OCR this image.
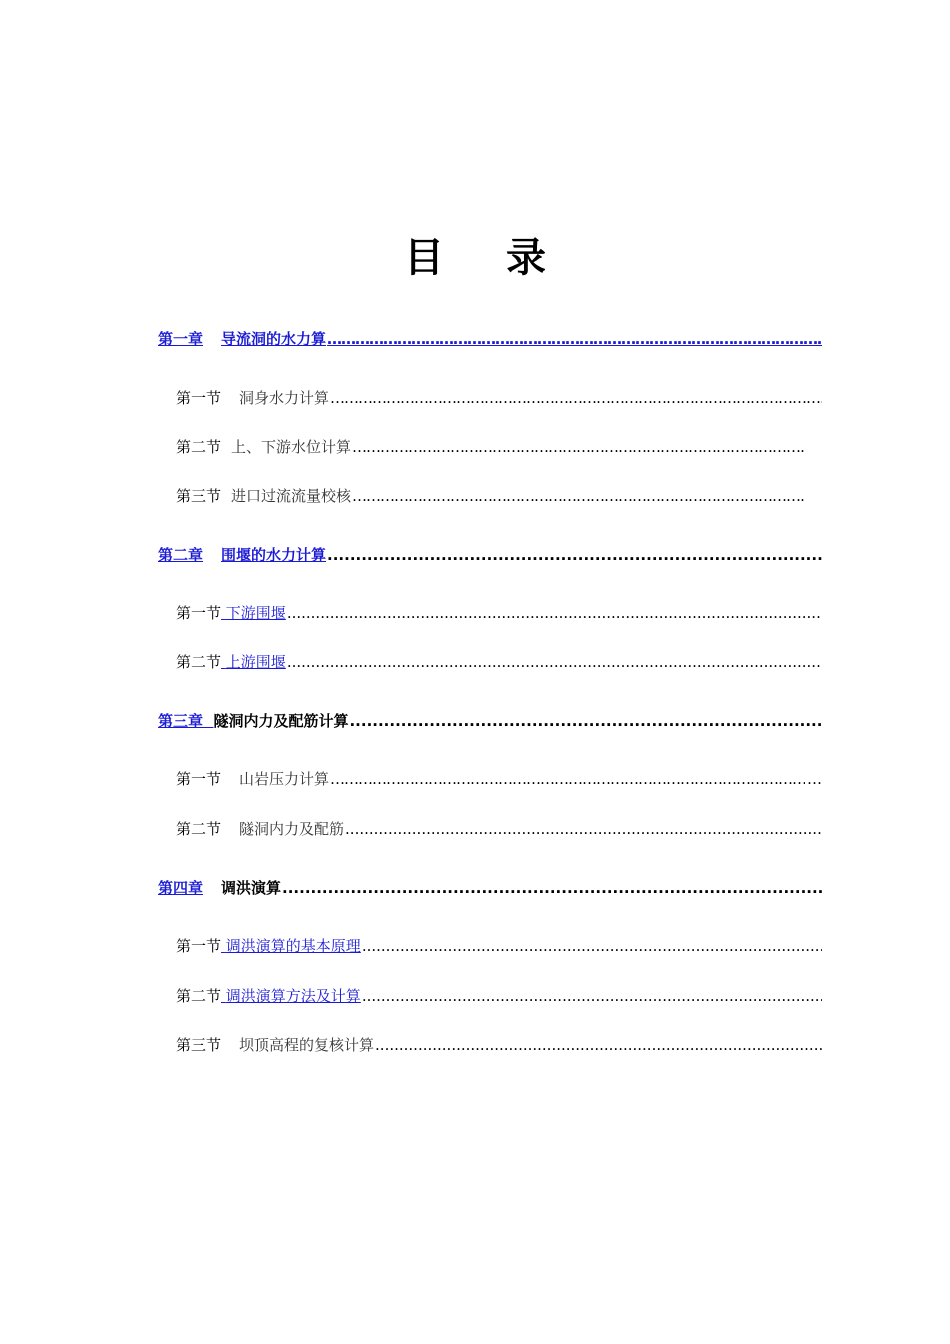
目 录
第一章 导流洞的水力算
……………………………………………………………………………………………………………………………………………………………………………………
第一节 洞身水力计算
……………………………………………………………………………………………………………………………………………………………………………………
第二节 上、下游水位计算
……………………………………………………………………………………………………………………………………………………………………………………
第三节 进口过流流量校核
……………………………………………………………………………………………………………………………………………………………………………………
第二章 围堰的水力计算
.....
第一节 下游围堰
.....
第二节 上游围堰
.....
第三章 隧洞内力及配筋计算
.....
第一节 山岩压力计算
……………………………………………………………………………………………………………………………………………………………………………………	…
第二节 隧洞内力及配筋
.....
第四章 调洪演算
.....
第一节 调洪演算的基本原理
.....
第二节 调洪演算方法及计算
.....
第三节 坝顶高程的复核计算
.....
